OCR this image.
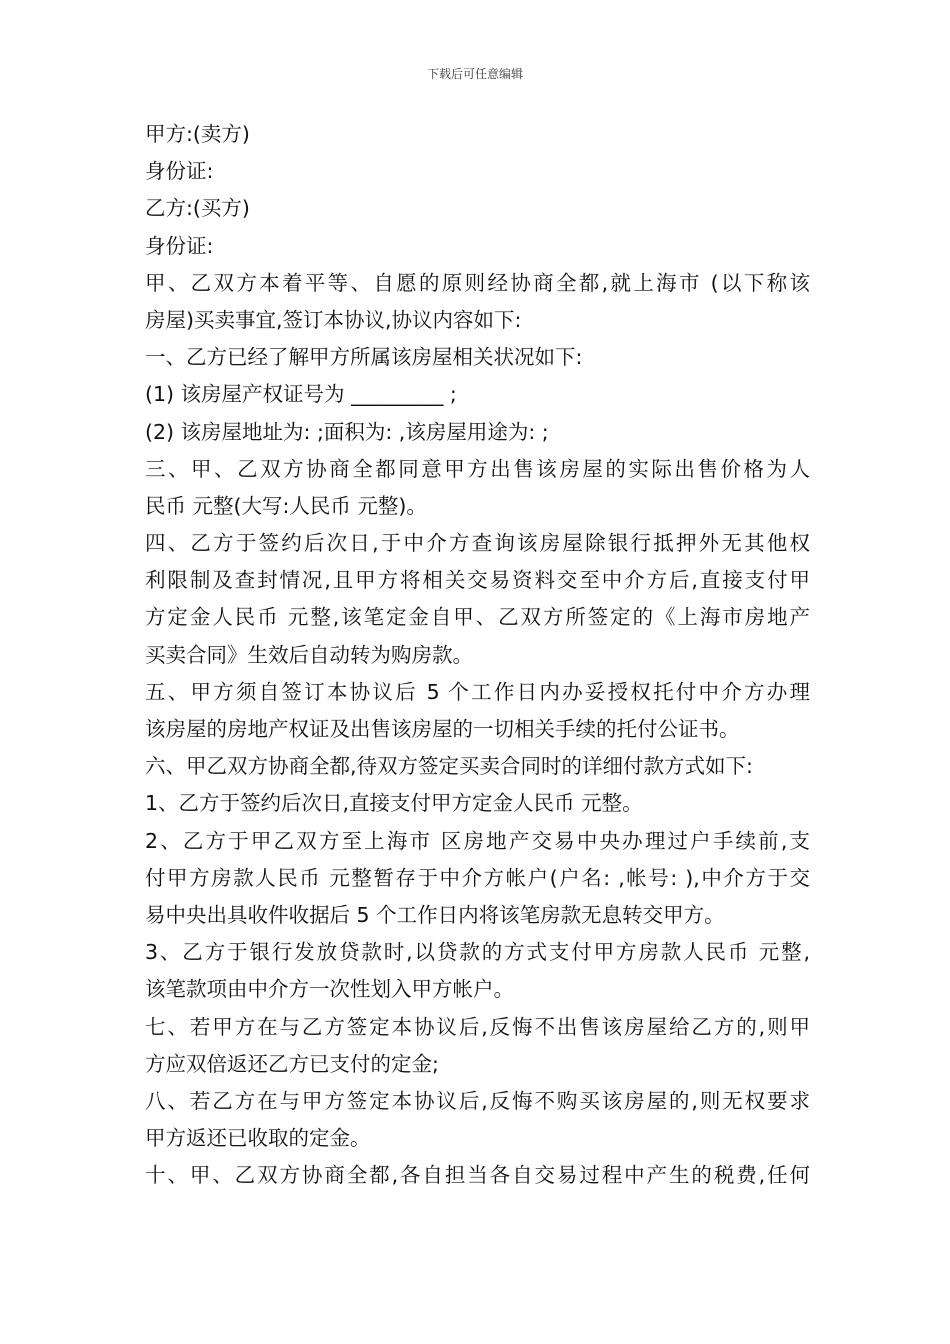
下载后可任意编辑
甲方:(卖方)
身份证:
乙方:(买方)
身份证:
甲、乙双方本着平等、自愿的原则经协商全都,就上海市 (以下称该
房屋)买卖事宜,签订本协议,协议内容如下:
一、乙方已经了解甲方所属该房屋相关状况如下:
(1) 该房屋产权证号为 _________ ;
(2) 该房屋地址为: ;面积为: ,该房屋用途为: ;
三、甲、乙双方协商全都同意甲方出售该房屋的实际出售价格为人
民币 元整(大写:人民币 元整)。
四、乙方于签约后次日,于中介方查询该房屋除银行抵押外无其他权
利限制及查封情况,且甲方将相关交易资料交至中介方后,直接支付甲
方定金人民币 元整,该笔定金自甲、乙双方所签定的《上海市房地产
买卖合同》生效后自动转为购房款。
五、甲方须自签订本协议后 5 个工作日内办妥授权托付中介方办理
该房屋的房地产权证及出售该房屋的一切相关手续的托付公证书。
六、甲乙双方协商全都,待双方签定买卖合同时的详细付款方式如下:
1、乙方于签约后次日,直接支付甲方定金人民币 元整。
2、乙方于甲乙双方至上海市 区房地产交易中央办理过户手续前,支
付甲方房款人民币 元整暂存于中介方帐户(户名: ,帐号: ),中介方于交
易中央出具收件收据后 5 个工作日内将该笔房款无息转交甲方。
3、乙方于银行发放贷款时,以贷款的方式支付甲方房款人民币 元整,
该笔款项由中介方一次性划入甲方帐户。
七、若甲方在与乙方签定本协议后,反悔不出售该房屋给乙方的,则甲
方应双倍返还乙方已支付的定金;
八、若乙方在与甲方签定本协议后,反悔不购买该房屋的,则无权要求
甲方返还已收取的定金。
十、甲、乙双方协商全都,各自担当各自交易过程中产生的税费,任何
